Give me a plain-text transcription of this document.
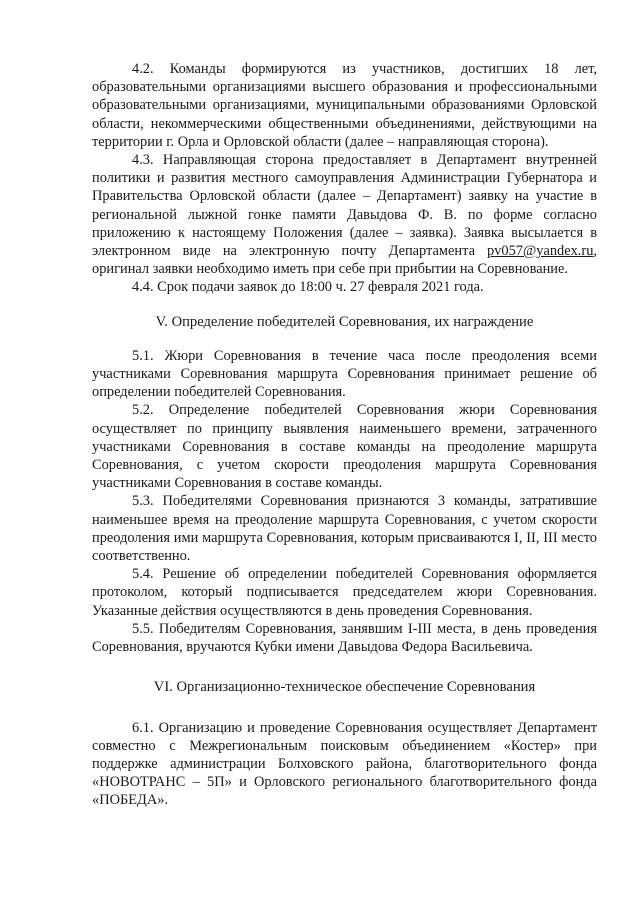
4.2. Команды формируются из участников, достигших 18 лет, образовательными организациями высшего образования и профессиональными образовательными организациями, муниципальными образованиями Орловской области, некоммерческими общественными объединениями, действующими на территории г. Орла и Орловской области (далее – направляющая сторона).

4.3. Направляющая сторона предоставляет в Департамент внутренней политики и развития местного самоуправления Администрации Губернатора и Правительства Орловской области (далее – Департамент) заявку на участие в региональной лыжной гонке памяти Давыдова Ф. В. по форме согласно приложению к настоящему Положения (далее – заявка). Заявка высылается в электронном виде на электронную почту Департамента pv057@yandex.ru, оригинал заявки необходимо иметь при себе при прибытии на Соревнование.

4.4. Срок подачи заявок до 18:00 ч. 27 февраля 2021 года.

V. Определение победителей Соревнования, их награждение

5.1. Жюри Соревнования в течение часа после преодоления всеми участниками Соревнования маршрута Соревнования принимает решение об определении победителей Соревнования.

5.2. Определение победителей Соревнования жюри Соревнования осуществляет по принципу выявления наименьшего времени, затраченного участниками Соревнования в составе команды на преодоление маршрута Соревнования, с учетом скорости преодоления маршрута Соревнования участниками Соревнования в составе команды.

5.3. Победителями Соревнования признаются 3 команды, затратившие наименьшее время на преодоление маршрута Соревнования, с учетом скорости преодоления ими маршрута Соревнования, которым присваиваются I, II, III место соответственно.

5.4. Решение об определении победителей Соревнования оформляется протоколом, который подписывается председателем жюри Соревнования. Указанные действия осуществляются в день проведения Соревнования.

5.5. Победителям Соревнования, занявшим I-III места, в день проведения Соревнования, вручаются Кубки имени Давыдова Федора Васильевича.

VI. Организационно-техническое обеспечение Соревнования

6.1. Организацию и проведение Соревнования осуществляет Департамент совместно с Межрегиональным поисковым объединением «Костер» при поддержке администрации Болховского района, благотворительного фонда «НОВОТРАНС – 5П» и Орловского регионального благотворительного фонда «ПОБЕДА».
